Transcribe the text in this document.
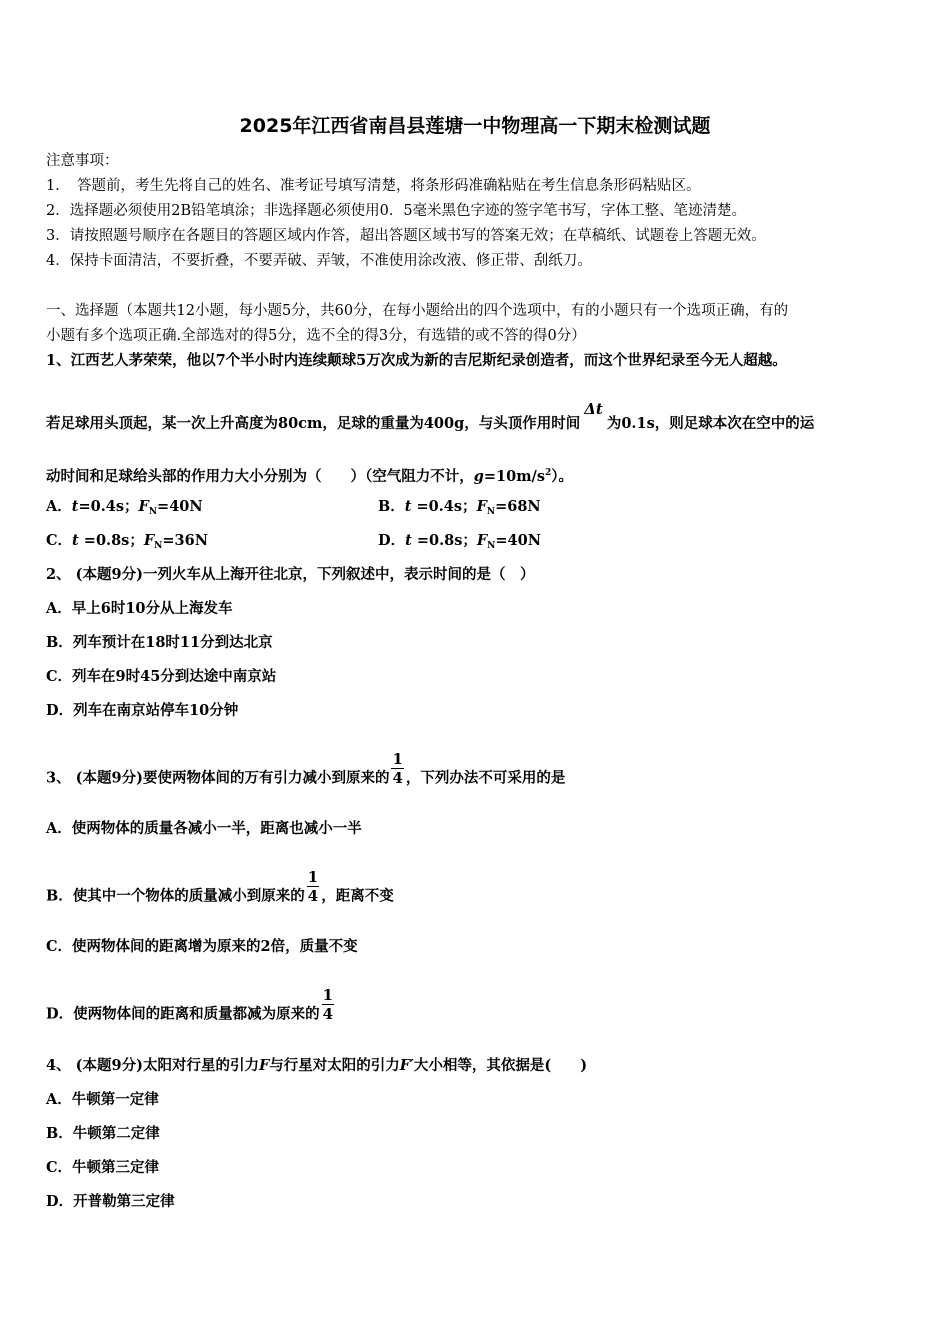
2025年江西省南昌县莲塘一中物理高一下期末检测试题
注意事项：
1．　答题前，考生先将自己的姓名、准考证号填写清楚，将条形码准确粘贴在考生信息条形码粘贴区。
2．选择题必须使用2B铅笔填涂；非选择题必须使用0．5毫米黑色字迹的签字笔书写，字体工整、笔迹清楚。
3．请按照题号顺序在各题目的答题区域内作答，超出答题区域书写的答案无效；在草稿纸、试题卷上答题无效。
4．保持卡面清洁，不要折叠，不要弄破、弄皱，不准使用涂改液、修正带、刮纸刀。
一、选择题（本题共12小题，每小题5分，共60分，在每小题给出的四个选项中，有的小题只有一个选项正确，有的
小题有多个选项正确.全部选对的得5分，选不全的得3分，有选错的或不答的得0分）
1、江西艺人茅荣荣，他以7个半小时内连续颠球5万次成为新的吉尼斯纪录创造者，而这个世界纪录至今无人超越。
若足球用头顶起，某一次上升高度为80cm，足球的重量为400g，与头顶作用时间Δt为0.1s，则足球本次在空中的运
动时间和足球给头部的作用力大小分别为（　　）（空气阻力不计，$g=10m/s^2$）。
A．t=0.4s；$F_N=40N$	B．t =0.4s；$F_N=68N$
C．t =0.8s；$F_N=36N$	D．t =0.8s；$F_N=40N$
2、 (本题9分)一列火车从上海开往北京，下列叙述中，表示时间的是（　）
A．早上6时10分从上海发车
B．列车预计在18时11分到达北京
C．列车在9时45分到达途中南京站
D．列车在南京站停车10分钟
3、 (本题9分)要使两物体间的万有引力减小到原来的 $\frac{1}{4}$ ，下列办法不可采用的是
A．使两物体的质量各减小一半，距离也减小一半
B．使其中一个物体的质量减小到原来的 $\frac{1}{4}$ ，距离不变
C．使两物体间的距离增为原来的2倍，质量不变
D．使两物体间的距离和质量都减为原来的 $\frac{1}{4}$
4、 (本题9分)太阳对行星的引力F与行星对太阳的引力F′大小相等，其依据是(　　)
A．牛顿第一定律
B．牛顿第二定律
C．牛顿第三定律
D．开普勒第三定律
